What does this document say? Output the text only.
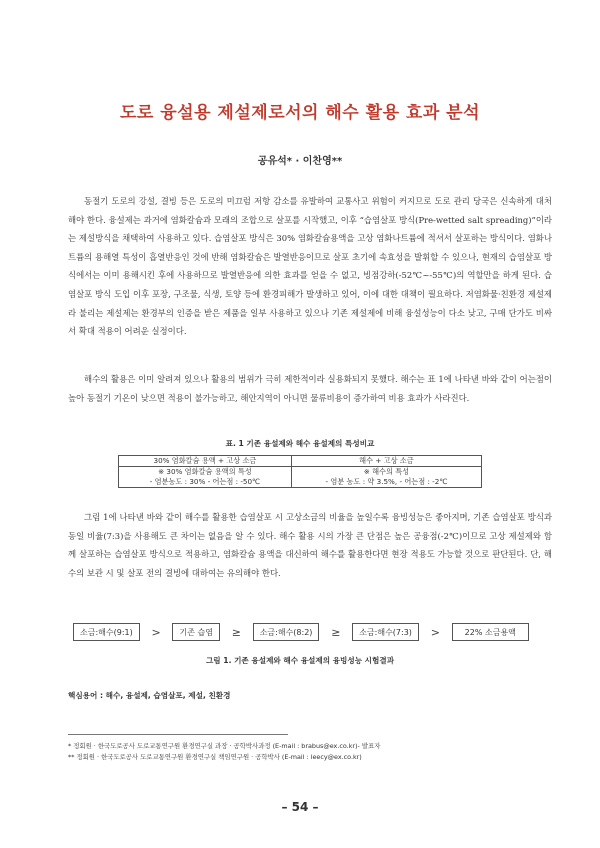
도로 융설용 제설제로서의 해수 활용 효과 분석
공유석* · 이찬영**

동절기 도로의 강설, 결빙 등은 도로의 미끄럼 저항 감소를 유발하여 교통사고 위험이 커지므로 도로 관리 당국은 신속하게 대처해야 한다. 융설제는 과거에 염화칼슘과 모래의 조합으로 살포를 시작했고, 이후 “습염살포 방식(Pre-wetted salt spreading)”이라는 제설방식을 채택하여 사용하고 있다. 습염살포 방식은 30% 염화칼슘용액을 고상 염화나트륨에 적셔서 살포하는 방식이다. 염화나트륨의 용해열 특성이 흡열반응인 것에 반해 염화칼슘은 발열반응이므로 살포 초기에 속효성을 발휘할 수 있으나, 현재의 습염살포 방식에서는 이미 용해시킨 후에 사용하므로 발열반응에 의한 효과를 얻을 수 없고, 빙점강하(-52℃~-55℃)의 역할만을 하게 된다. 습염살포 방식 도입 이후 포장, 구조물, 식생, 토양 등에 환경피해가 발생하고 있어, 이에 대한 대책이 필요하다. 저염화물·친환경 제설제라 불리는 제설제는 환경부의 인증을 받은 제품을 일부 사용하고 있으나 기존 제설제에 비해 융설성능이 다소 낮고, 구매 단가도 비싸서 확대 적용이 어려운 실정이다.

해수의 활용은 이미 알려져 있으나 활용의 범위가 극히 제한적이라 실용화되지 못했다. 해수는 표 1에 나타낸 바와 같이 어는점이 높아 동절기 기온이 낮으면 적용이 불가능하고, 해안지역이 아니면 물류비용이 증가하여 비용 효과가 사라진다.

표. 1 기존 융설제와 해수 융설제의 특성비교
30% 염화칼슘 용액 + 고상 소금	해수 + 고상 소금
※ 30% 염화칼슘 용액의 특성	※ 해수의 특성
- 염분농도 : 30% - 어는점 : -50℃	- 염분 농도 : 약 3.5%, - 어는점 : -2℃

그림 1에 나타낸 바와 같이 해수를 활용한 습염살포 시 고상소금의 비율을 높일수록 융빙성능은 좋아지며, 기존 습염살포 방식과 동일 비율(7:3)을 사용해도 큰 차이는 없음을 알 수 있다. 해수 활용 시의 가장 큰 단점은 높은 공융점(-2℃)이므로 고상 제설제와 함께 살포하는 습염살포 방식으로 적용하고, 염화칼슘 용액을 대신하여 해수를 활용한다면 현장 적용도 가능할 것으로 판단된다. 단, 해수의 보관 시 및 살포 전의 결빙에 대하여는 유의해야 한다.

소금:해수(9:1)	>	기존 습염	≥	소금:해수(8:2)	≥	소금:해수(7:3)	>	22% 소금용액
그림 1. 기존 융설제와 해수 융설제의 융빙성능 시험결과
핵심용어 : 해수, 융설제, 습염살포, 제설, 친환경
* 정회원 · 한국도로공사 도로교통연구원 환경연구실 과장 · 공학박사과정 (E-mail : brabus@ex.co.kr)- 발표자
** 정회원 · 한국도로공사 도로교통연구원 환경연구실 책임연구원 · 공학박사 (E-mail : leecy@ex.co.kr)
– 54 –
